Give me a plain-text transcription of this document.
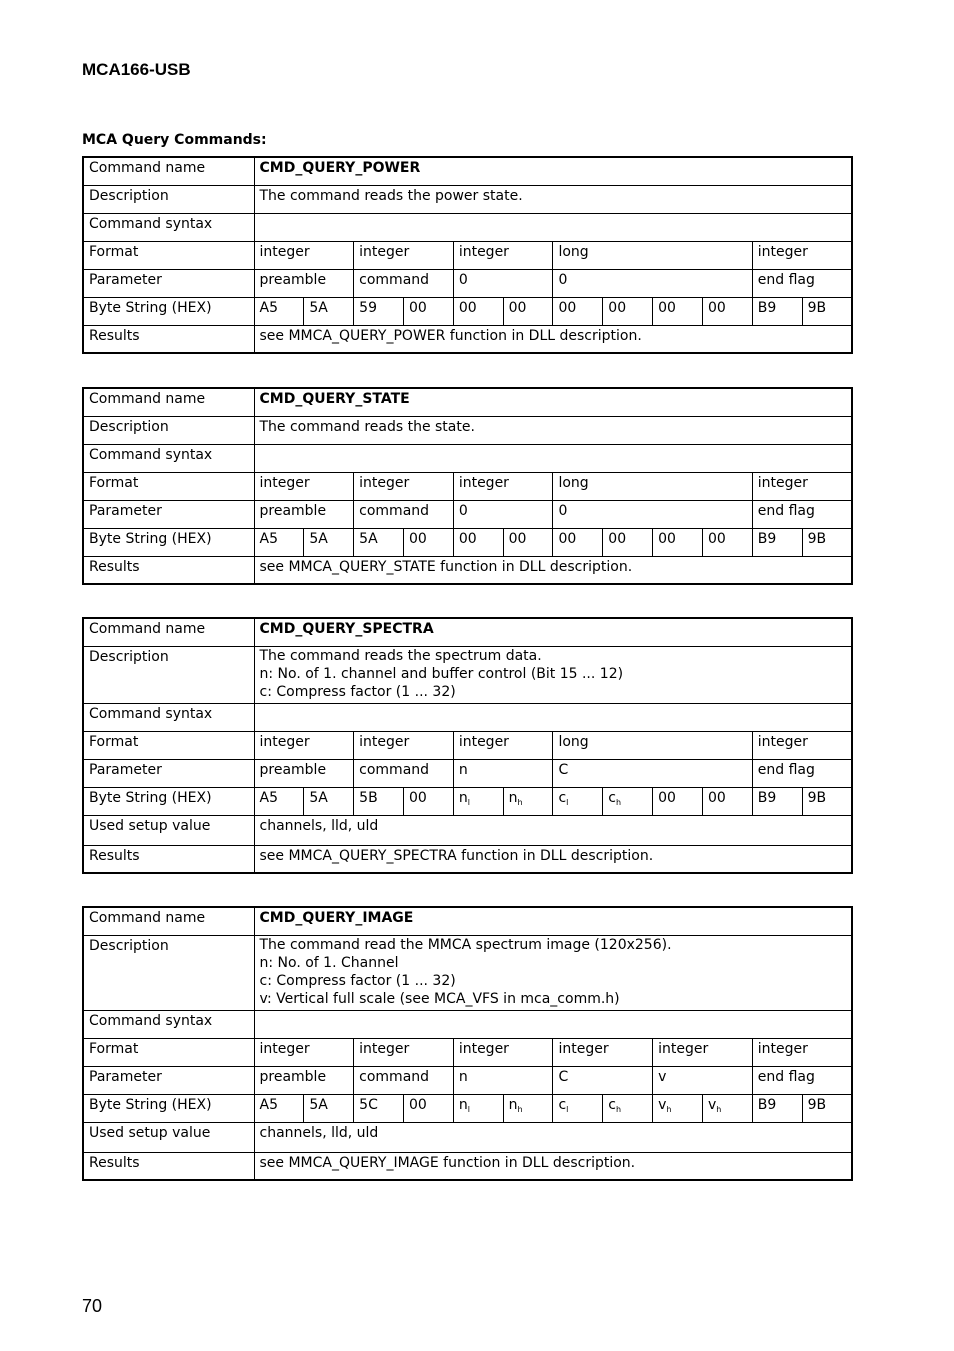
MCA166-USB
MCA Query Commands:
Command name	CMD_QUERY_POWER											
Description	The command reads the power state.											

Command syntax												
Format	integer		integer		integer		long				integer	
Parameter	preamble		command		0		0				end flag	
Byte String (HEX)	A5	5A	59	00	00	00	00	00	00	00	B9	9B
Results	see MMCA_QUERY_POWER function in DLL description.											
Command name	CMD_QUERY_STATE											
Description	The command reads the state.											

Command syntax												
Format	integer		integer		integer		long				integer	
Parameter	preamble		command		0		0				end flag	
Byte String (HEX)	A5	5A	5A	00	00	00	00	00	00	00	B9	9B
Results	see MMCA_QUERY_STATE function in DLL description.											
Command name	CMD_QUERY_SPECTRA											
Description	The command reads the spectrum data.
n: No. of 1. channel and buffer control (Bit 15 ... 12)
c: Compress factor (1 ... 32)											

Command syntax												
Format	integer		integer		integer		long				integer	
Parameter	preamble		command		n		C				end flag	
Byte String (HEX)	A5	5A	5B	00	$n_l$	$n_h$	$c_l$	$c_h$	00	00	B9	9B
Used setup value	channels, lld, uld											
Results	see MMCA_QUERY_SPECTRA function in DLL description.											
Command name	CMD_QUERY_IMAGE											
Description	The command read the MMCA spectrum image (120x256).
n: No. of 1. Channel
c: Compress factor (1 ... 32)
v: Vertical full scale (see MCA_VFS in mca_comm.h)											

Command syntax												
Format	integer		integer		integer		integer		integer		integer	
Parameter	preamble		command		n		C		v		end flag	
Byte String (HEX)	A5	5A	5C	00	$n_l$	$n_h$	$c_l$	$c_h$	$v_h$	$v_h$	B9	9B
Used setup value	channels, lld, uld											
Results	see MMCA_QUERY_IMAGE function in DLL description.											
70
